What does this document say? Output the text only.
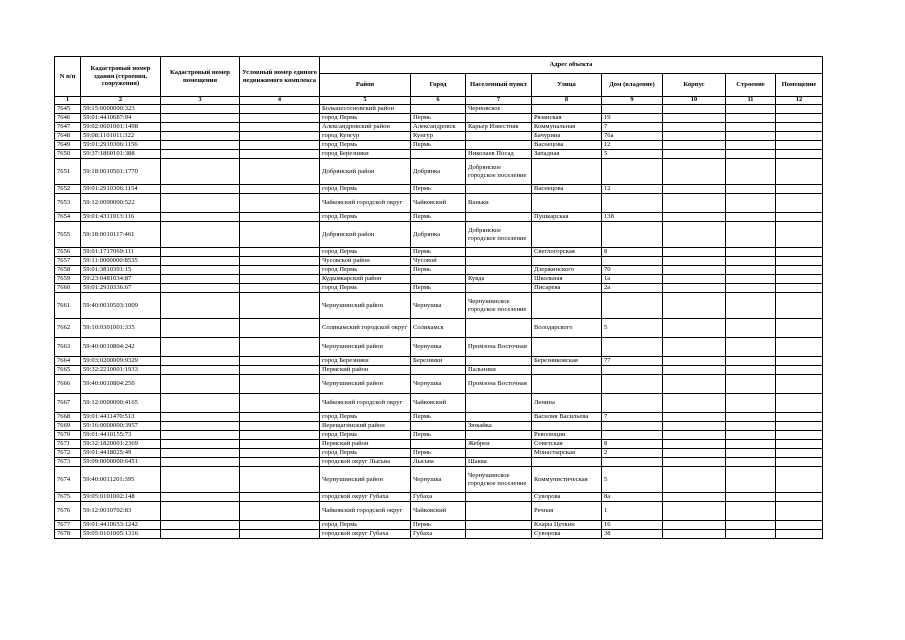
N п/п	Кадастровый номер здания (строения, сооружения)	Кадастровый номер помещения	Условный номер единого недвижимого комплекса	Адрес объекта							
				Район	Город	Населенный пункт	Улица	Дом (владение)	Корпус	Строение	Помещение
1	2	3	4	5	6	7	8	9	10	11	12
7645	59:15:0000000:323			Большесосновский район		Черновское					
7646	59:01:4410687:94			город Пермь	Пермь		Рязанская	19			
7647	59:02:0601001:1498			Александровский район	Александровск	Карьер Известняк	Коммунальная	7			
7648	59:08:1101011:322			город Кунгур	Кунгур		Бачурина	76а			
7649	59:01:2910306:1156			город Пермь	Пермь		Васнецова	12			
7650	59:37:1860101:388			город Березники		Николаев Посад	Западная	5			
7651	59:18:0010501:1770			Добрянский район	Добрянка	Добрянское городское поселение					
7652	59:01:2910306:1154			город Пермь	Пермь		Васнецова	12			
7653	59:12:0090000:522			Чайковский городской округ	Чайковский	Ваньки					
7654	59:01:4311913:116			город Пермь	Пермь		Пушкарская	138			
7655	59:18:0010117:461			Добрянский район	Добрянка	Добрянское городское поселение					
7656	59:01:1717069:111			город Пермь	Пермь		Светлогорская	8			
7657	59:11:0000000:8535			Чусовской район	Чусовой						
7658	59:01:3810391:15			город Пермь	Пермь		Дзержинского	70			
7659	59:23:0481034:87			Кудымкарский район		Кувда	Школьная	1а			
7660	59:01:2910336:67			город Пермь	Пермь		Писарева	2а			
7661	59:40:0010503:1009			Чернушинский район	Чернушка	Чернушинское городское поселение					
7662	59:10:0301001:335			Соликамский городской округ	Соликамск		Володарского	5			
7663	59:40:0010804:242			Чернушинский район	Чернушка	Промзона Восточная					
7664	59:03:0200009:9329			город Березники	Березники		Березниковская	77			
7665	59:32:2210001:1933			Пермский район		Пальники					
7666	59:40:0010804:250			Чернушинский район	Чернушка	Промзона Восточная					
7667	59:12:0000000:4165			Чайковский городской округ	Чайковский		Ленина				
7668	59:01:4411470:513			город Пермь	Пермь		Василия Васильева	7			
7669	59:16:0000000:3957			Верещагинский район		Зюкайка					
7670	59:01:4410155:73			город Пермь	Пермь		Революции				
7671	59:32:1820001:2369			Пермский район		Жебреи	Советская	8			
7672	59:01:4418025:49			город Пермь	Пермь		Монастырская	2			
7673	59:09:0000000:6451			городской округ Лысьва	Лысьва	Шаква					
7674	59:40:0011201:395			Чернушинский район	Чернушка	Чернушинское городское поселение	Коммунистическая	5			
7675	59:05:0101002:148			городской округ Губаха	Губаха		Суворова	8а			
7676	59:12:0010702:83			Чайковский городской округ	Чайковский		Речная	1			
7677	59:01:4410653:1242			город Пермь	Пермь		Клары Цеткин	16			
7678	59:05:0101005:1316			городской округ Губаха	Губаха		Суворова	38			
